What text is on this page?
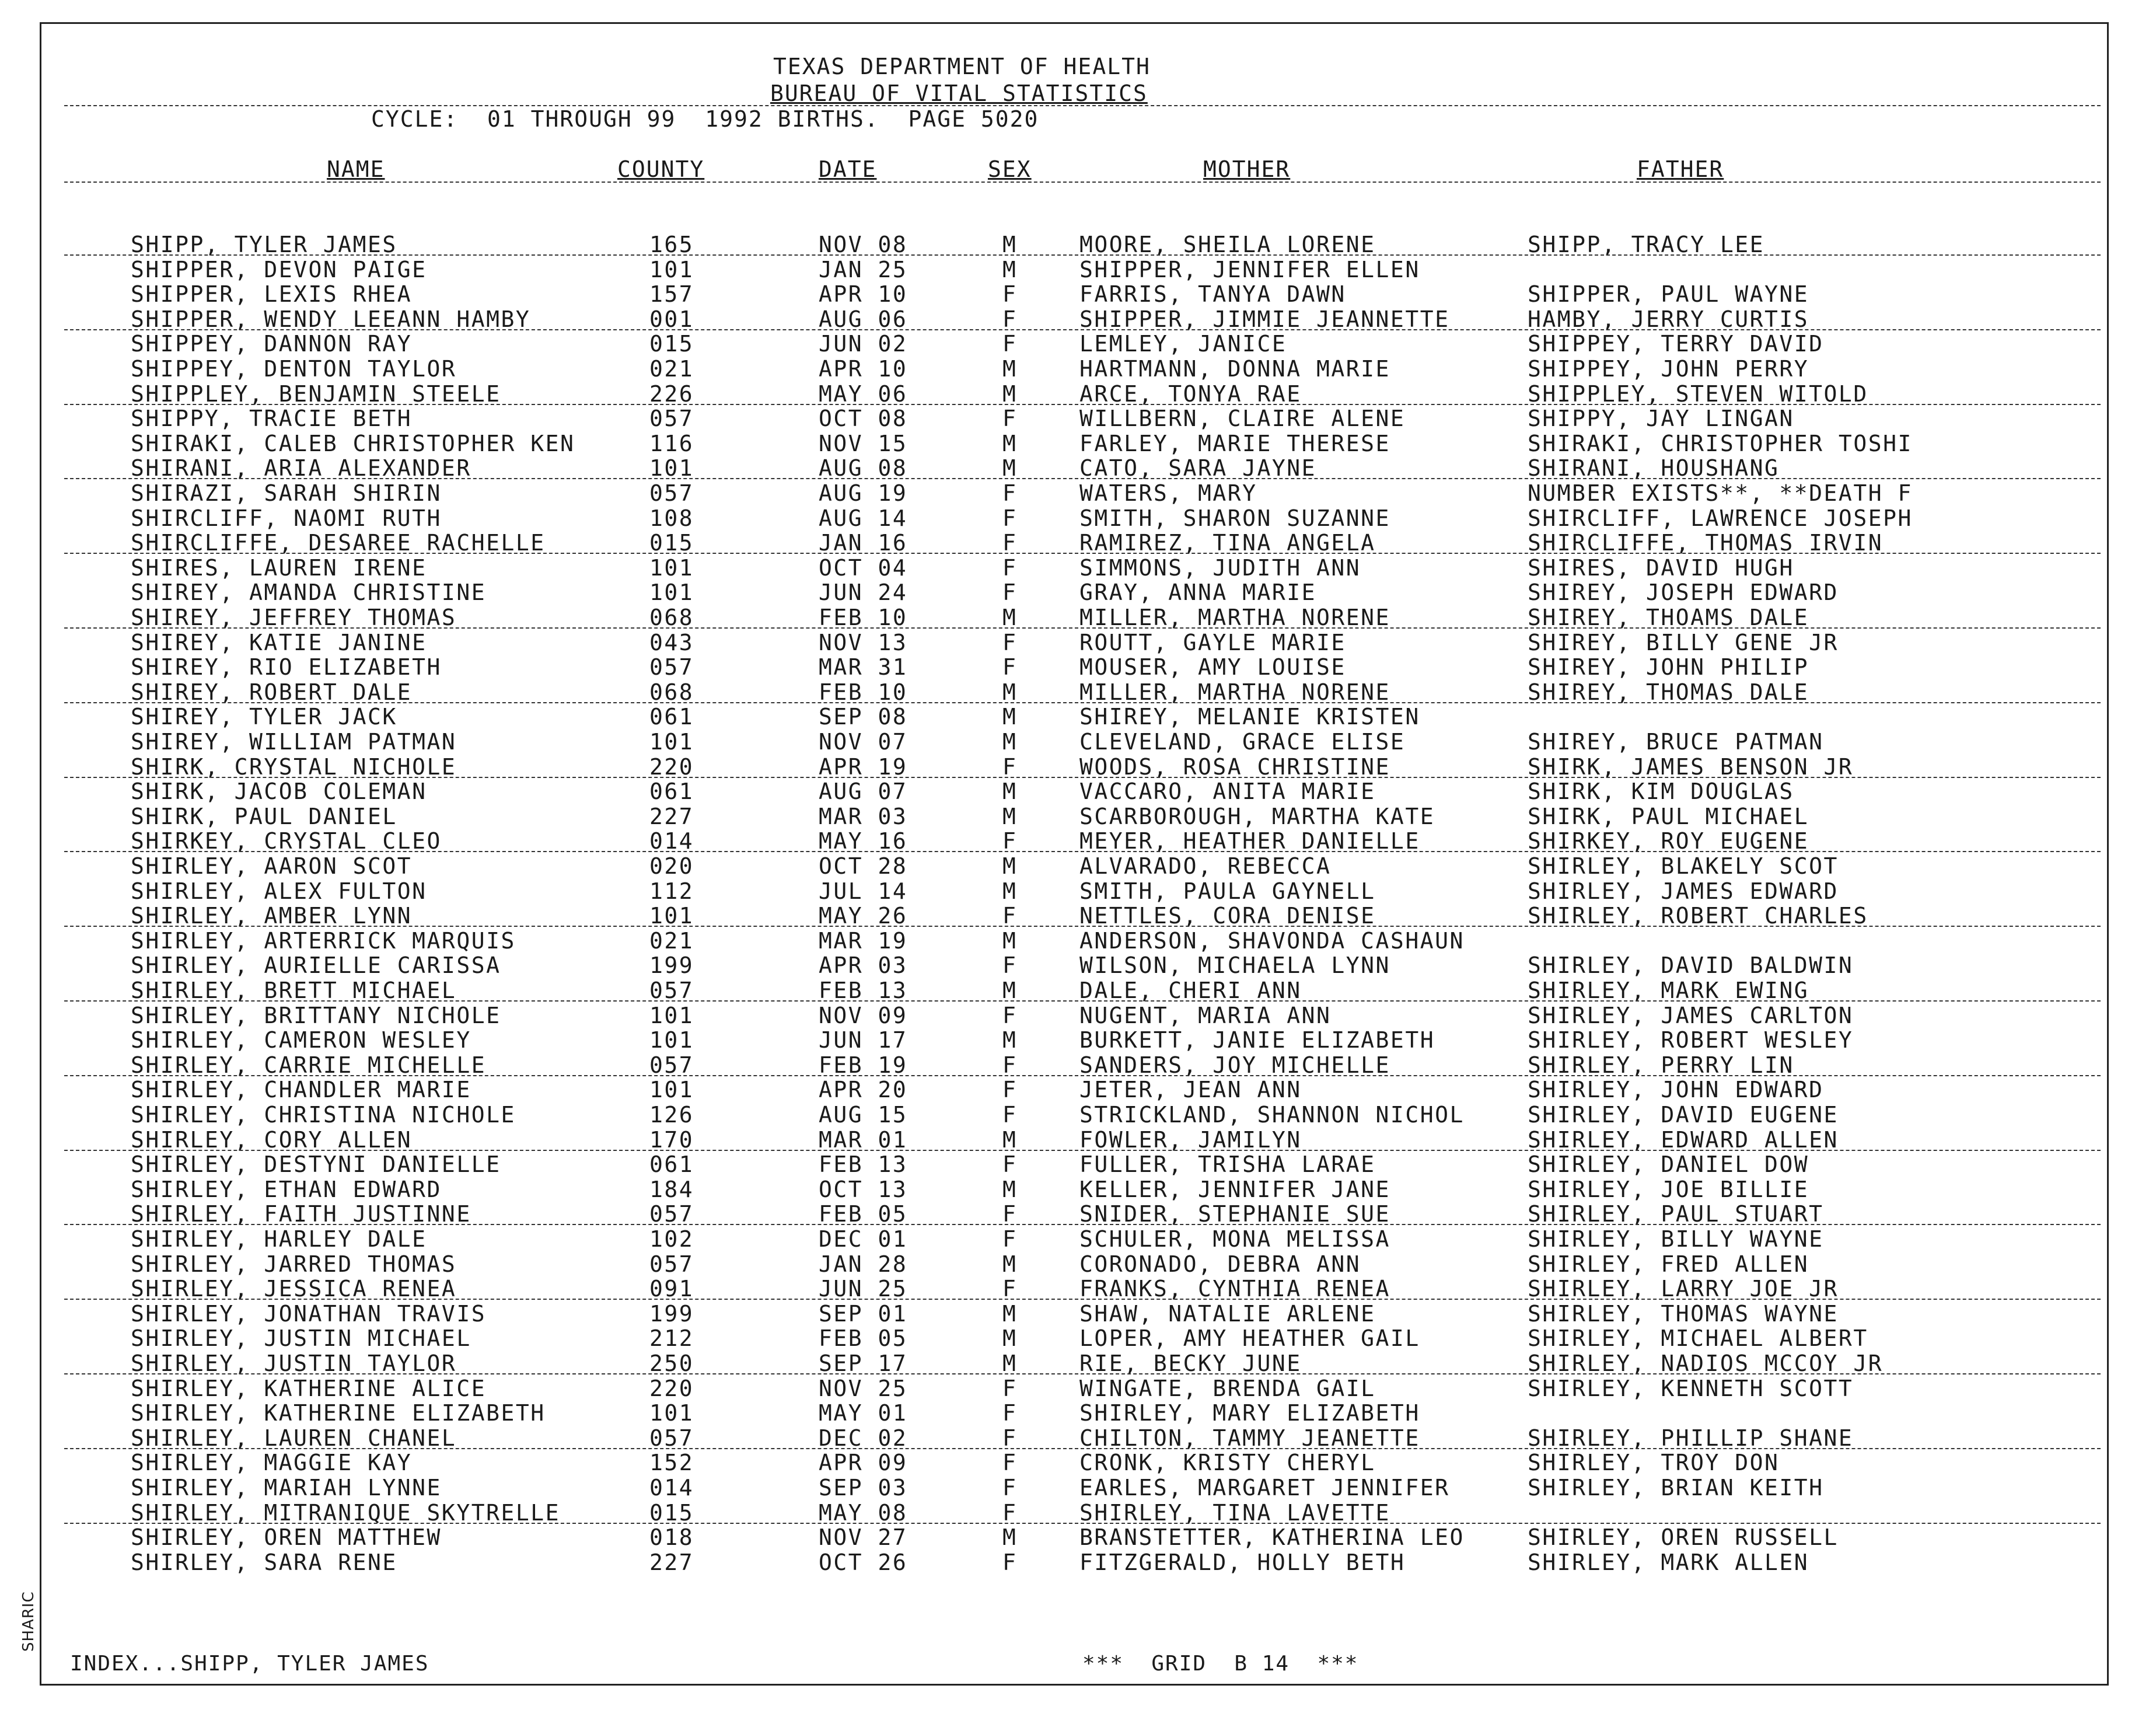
SHARIC
TEXAS DEPARTMENT OF HEALTH
BUREAU OF VITAL STATISTICS
CYCLE:  01 THROUGH 99  1992 BIRTHS.  PAGE 5020
NAME	COUNTY	DATE	SEX	MOTHER	FATHER
SHIPP, TYLER JAMES	165	NOV 08	M	MOORE, SHEILA LORENE	SHIPP, TRACY LEE
SHIPPER, DEVON PAIGE	101	JAN 25	M	SHIPPER, JENNIFER ELLEN
SHIPPER, LEXIS RHEA	157	APR 10	F	FARRIS, TANYA DAWN	SHIPPER, PAUL WAYNE
SHIPPER, WENDY LEEANN HAMBY	001	AUG 06	F	SHIPPER, JIMMIE JEANNETTE	HAMBY, JERRY CURTIS
SHIPPEY, DANNON RAY	015	JUN 02	F	LEMLEY, JANICE	SHIPPEY, TERRY DAVID
SHIPPEY, DENTON TAYLOR	021	APR 10	M	HARTMANN, DONNA MARIE	SHIPPEY, JOHN PERRY
SHIPPLEY, BENJAMIN STEELE	226	MAY 06	M	ARCE, TONYA RAE	SHIPPLEY, STEVEN WITOLD
SHIPPY, TRACIE BETH	057	OCT 08	F	WILLBERN, CLAIRE ALENE	SHIPPY, JAY LINGAN
SHIRAKI, CALEB CHRISTOPHER KEN	116	NOV 15	M	FARLEY, MARIE THERESE	SHIRAKI, CHRISTOPHER TOSHI
SHIRANI, ARIA ALEXANDER	101	AUG 08	M	CATO, SARA JAYNE	SHIRANI, HOUSHANG
SHIRAZI, SARAH SHIRIN	057	AUG 19	F	WATERS, MARY	NUMBER EXISTS**, **DEATH F
SHIRCLIFF, NAOMI RUTH	108	AUG 14	F	SMITH, SHARON SUZANNE	SHIRCLIFF, LAWRENCE JOSEPH
SHIRCLIFFE, DESAREE RACHELLE	015	JAN 16	F	RAMIREZ, TINA ANGELA	SHIRCLIFFE, THOMAS IRVIN
SHIRES, LAUREN IRENE	101	OCT 04	F	SIMMONS, JUDITH ANN	SHIRES, DAVID HUGH
SHIREY, AMANDA CHRISTINE	101	JUN 24	F	GRAY, ANNA MARIE	SHIREY, JOSEPH EDWARD
SHIREY, JEFFREY THOMAS	068	FEB 10	M	MILLER, MARTHA NORENE	SHIREY, THOAMS DALE
SHIREY, KATIE JANINE	043	NOV 13	F	ROUTT, GAYLE MARIE	SHIREY, BILLY GENE JR
SHIREY, RIO ELIZABETH	057	MAR 31	F	MOUSER, AMY LOUISE	SHIREY, JOHN PHILIP
SHIREY, ROBERT DALE	068	FEB 10	M	MILLER, MARTHA NORENE	SHIREY, THOMAS DALE
SHIREY, TYLER JACK	061	SEP 08	M	SHIREY, MELANIE KRISTEN
SHIREY, WILLIAM PATMAN	101	NOV 07	M	CLEVELAND, GRACE ELISE	SHIREY, BRUCE PATMAN
SHIRK, CRYSTAL NICHOLE	220	APR 19	F	WOODS, ROSA CHRISTINE	SHIRK, JAMES BENSON JR
SHIRK, JACOB COLEMAN	061	AUG 07	M	VACCARO, ANITA MARIE	SHIRK, KIM DOUGLAS
SHIRK, PAUL DANIEL	227	MAR 03	M	SCARBOROUGH, MARTHA KATE	SHIRK, PAUL MICHAEL
SHIRKEY, CRYSTAL CLEO	014	MAY 16	F	MEYER, HEATHER DANIELLE	SHIRKEY, ROY EUGENE
SHIRLEY, AARON SCOT	020	OCT 28	M	ALVARADO, REBECCA	SHIRLEY, BLAKELY SCOT
SHIRLEY, ALEX FULTON	112	JUL 14	M	SMITH, PAULA GAYNELL	SHIRLEY, JAMES EDWARD
SHIRLEY, AMBER LYNN	101	MAY 26	F	NETTLES, CORA DENISE	SHIRLEY, ROBERT CHARLES
SHIRLEY, ARTERRICK MARQUIS	021	MAR 19	M	ANDERSON, SHAVONDA CASHAUN
SHIRLEY, AURIELLE CARISSA	199	APR 03	F	WILSON, MICHAELA LYNN	SHIRLEY, DAVID BALDWIN
SHIRLEY, BRETT MICHAEL	057	FEB 13	M	DALE, CHERI ANN	SHIRLEY, MARK EWING
SHIRLEY, BRITTANY NICHOLE	101	NOV 09	F	NUGENT, MARIA ANN	SHIRLEY, JAMES CARLTON
SHIRLEY, CAMERON WESLEY	101	JUN 17	M	BURKETT, JANIE ELIZABETH	SHIRLEY, ROBERT WESLEY
SHIRLEY, CARRIE MICHELLE	057	FEB 19	F	SANDERS, JOY MICHELLE	SHIRLEY, PERRY LIN
SHIRLEY, CHANDLER MARIE	101	APR 20	F	JETER, JEAN ANN	SHIRLEY, JOHN EDWARD
SHIRLEY, CHRISTINA NICHOLE	126	AUG 15	F	STRICKLAND, SHANNON NICHOL	SHIRLEY, DAVID EUGENE
SHIRLEY, CORY ALLEN	170	MAR 01	M	FOWLER, JAMILYN	SHIRLEY, EDWARD ALLEN
SHIRLEY, DESTYNI DANIELLE	061	FEB 13	F	FULLER, TRISHA LARAE	SHIRLEY, DANIEL DOW
SHIRLEY, ETHAN EDWARD	184	OCT 13	M	KELLER, JENNIFER JANE	SHIRLEY, JOE BILLIE
SHIRLEY, FAITH JUSTINNE	057	FEB 05	F	SNIDER, STEPHANIE SUE	SHIRLEY, PAUL STUART
SHIRLEY, HARLEY DALE	102	DEC 01	F	SCHULER, MONA MELISSA	SHIRLEY, BILLY WAYNE
SHIRLEY, JARRED THOMAS	057	JAN 28	M	CORONADO, DEBRA ANN	SHIRLEY, FRED ALLEN
SHIRLEY, JESSICA RENEA	091	JUN 25	F	FRANKS, CYNTHIA RENEA	SHIRLEY, LARRY JOE JR
SHIRLEY, JONATHAN TRAVIS	199	SEP 01	M	SHAW, NATALIE ARLENE	SHIRLEY, THOMAS WAYNE
SHIRLEY, JUSTIN MICHAEL	212	FEB 05	M	LOPER, AMY HEATHER GAIL	SHIRLEY, MICHAEL ALBERT
SHIRLEY, JUSTIN TAYLOR	250	SEP 17	M	RIE, BECKY JUNE	SHIRLEY, NADIOS MCCOY JR
SHIRLEY, KATHERINE ALICE	220	NOV 25	F	WINGATE, BRENDA GAIL	SHIRLEY, KENNETH SCOTT
SHIRLEY, KATHERINE ELIZABETH	101	MAY 01	F	SHIRLEY, MARY ELIZABETH
SHIRLEY, LAUREN CHANEL	057	DEC 02	F	CHILTON, TAMMY JEANETTE	SHIRLEY, PHILLIP SHANE
SHIRLEY, MAGGIE KAY	152	APR 09	F	CRONK, KRISTY CHERYL	SHIRLEY, TROY DON
SHIRLEY, MARIAH LYNNE	014	SEP 03	F	EARLES, MARGARET JENNIFER	SHIRLEY, BRIAN KEITH
SHIRLEY, MITRANIQUE SKYTRELLE	015	MAY 08	F	SHIRLEY, TINA LAVETTE
SHIRLEY, OREN MATTHEW	018	NOV 27	M	BRANSTETTER, KATHERINA LEO	SHIRLEY, OREN RUSSELL
SHIRLEY, SARA RENE	227	OCT 26	F	FITZGERALD, HOLLY BETH	SHIRLEY, MARK ALLEN
INDEX...SHIPP, TYLER JAMES	***  GRID  B 14  ***
